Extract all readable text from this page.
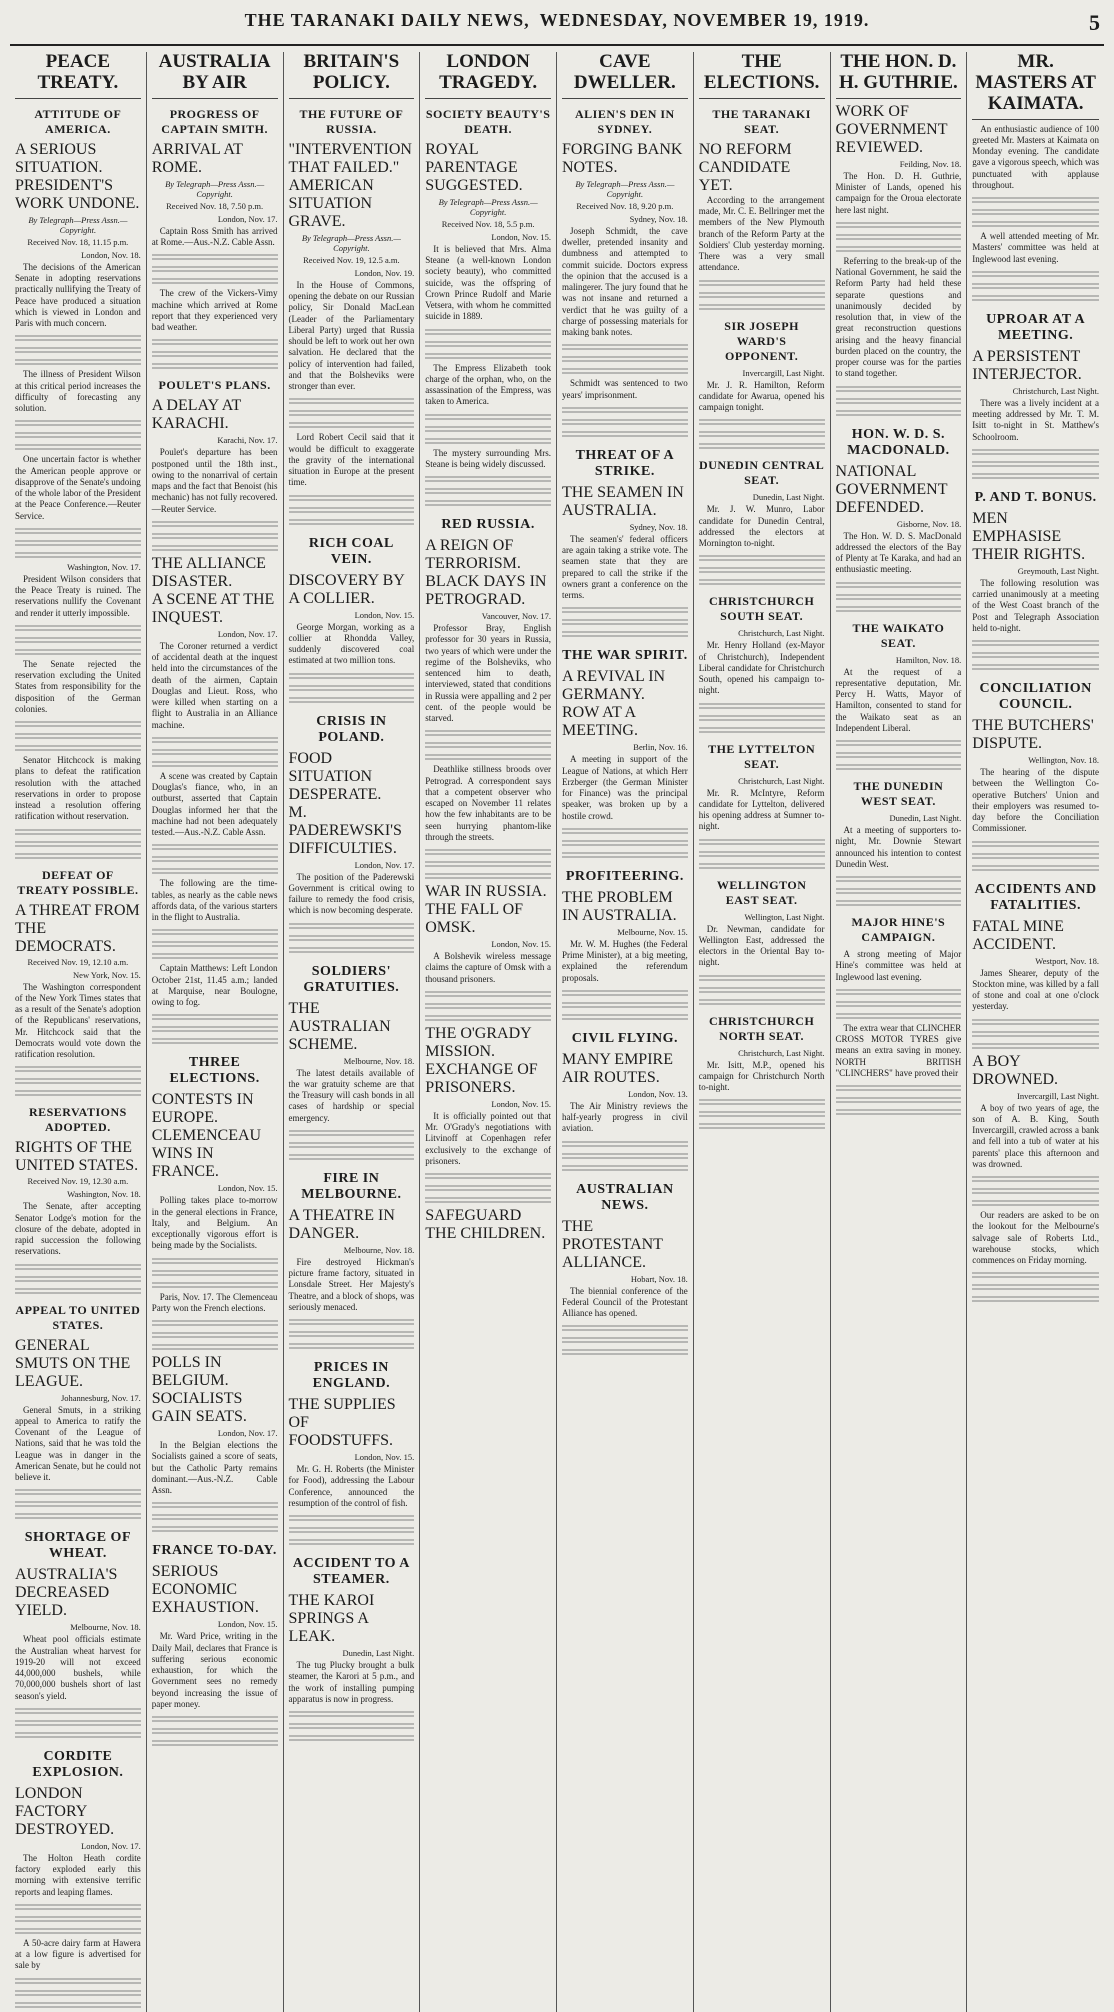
THE TARANAKI DAILY NEWS, WEDNESDAY, NOVEMBER 19, 1919.	5
PEACE TREATY.
ATTITUDE OF AMERICA.
A SERIOUS SITUATION.
PRESIDENT'S WORK UNDONE.
By Telegraph—Press Assn.—Copyright.
Received Nov. 18, 11.15 p.m.
London, Nov. 18.

The decisions of the American Senate in adopting reservations practically nullifying the Treaty of Peace have produced a situation which is viewed in London and Paris with much concern.

The illness of President Wilson at this critical period increases the difficulty of forecasting any solution.

One uncertain factor is whether the American people approve or disapprove of the Senate's undoing of the whole labor of the President at the Peace Conference.—Reuter Service.

Washington, Nov. 17.

President Wilson considers that the Peace Treaty is ruined. The reservations nullify the Covenant and render it utterly impossible.

The Senate rejected the reservation excluding the United States from responsibility for the disposition of the German colonies.

Senator Hitchcock is making plans to defeat the ratification resolution with the attached reservations in order to propose instead a resolution offering ratification without reservation.

DEFEAT OF TREATY POSSIBLE.
A THREAT FROM THE DEMOCRATS.
Received Nov. 19, 12.10 a.m.
New York, Nov. 15.

The Washington correspondent of the New York Times states that as a result of the Senate's adoption of the Republicans' reservations, Mr. Hitchcock said that the Democrats would vote down the ratification resolution.

RESERVATIONS ADOPTED.
RIGHTS OF THE UNITED STATES.
Received Nov. 19, 12.30 a.m.
Washington, Nov. 18.

The Senate, after accepting Senator Lodge's motion for the closure of the debate, adopted in rapid succession the following reservations.

APPEAL TO UNITED STATES.
GENERAL SMUTS ON THE LEAGUE.
Johannesburg, Nov. 17.

General Smuts, in a striking appeal to America to ratify the Covenant of the League of Nations, said that he was told the League was in danger in the American Senate, but he could not believe it.

SHORTAGE OF WHEAT.
AUSTRALIA'S DECREASED YIELD.
Melbourne, Nov. 18.

Wheat pool officials estimate the Australian wheat harvest for 1919-20 will not exceed 44,000,000 bushels, while 70,000,000 bushels short of last season's yield.

CORDITE EXPLOSION.
LONDON FACTORY DESTROYED.
London, Nov. 17.

The Holton Heath cordite factory exploded early this morning with extensive terrific reports and leaping flames.

A 50-acre dairy farm at Hawera at a low figure is advertised for sale by

AUSTRALIA BY AIR
PROGRESS OF CAPTAIN SMITH.
ARRIVAL AT ROME.
By Telegraph—Press Assn.—Copyright.
Received Nov. 18, 7.50 p.m.
London, Nov. 17.

Captain Ross Smith has arrived at Rome.—Aus.-N.Z. Cable Assn.

The crew of the Vickers-Vimy machine which arrived at Rome report that they experienced very bad weather.

POULET'S PLANS.
A DELAY AT KARACHI.
Karachi, Nov. 17.

Poulet's departure has been postponed until the 18th inst., owing to the nonarrival of certain maps and the fact that Benoist (his mechanic) has not fully recovered.—Reuter Service.

THE ALLIANCE DISASTER.
A SCENE AT THE INQUEST.
London, Nov. 17.

The Coroner returned a verdict of accidental death at the inquest held into the circumstances of the death of the airmen, Captain Douglas and Lieut. Ross, who were killed when starting on a flight to Australia in an Alliance machine.

A scene was created by Captain Douglas's fiance, who, in an outburst, asserted that Captain Douglas informed her that the machine had not been adequately tested.—Aus.-N.Z. Cable Assn.

The following are the time-tables, as nearly as the cable news affords data, of the various starters in the flight to Australia.

Captain Matthews: Left London October 21st, 11.45 a.m.; landed at Marquise, near Boulogne, owing to fog.

THREE ELECTIONS.
CONTESTS IN EUROPE.
CLEMENCEAU WINS IN FRANCE.
London, Nov. 15.

Polling takes place to-morrow in the general elections in France, Italy, and Belgium. An exceptionally vigorous effort is being made by the Socialists.

Paris, Nov. 17. The Clemenceau Party won the French elections.

POLLS IN BELGIUM.
SOCIALISTS GAIN SEATS.
London, Nov. 17.

In the Belgian elections the Socialists gained a score of seats, but the Catholic Party remains dominant.—Aus.-N.Z. Cable Assn.

FRANCE TO-DAY.
SERIOUS ECONOMIC EXHAUSTION.
London, Nov. 15.

Mr. Ward Price, writing in the Daily Mail, declares that France is suffering serious economic exhaustion, for which the Government sees no remedy beyond increasing the issue of paper money.

BRITAIN'S POLICY.
THE FUTURE OF RUSSIA.
"INTERVENTION THAT FAILED."
AMERICAN SITUATION GRAVE.
By Telegraph—Press Assn.—Copyright.
Received Nov. 19, 12.5 a.m.
London, Nov. 19.

In the House of Commons, opening the debate on our Russian policy, Sir Donald MacLean (Leader of the Parliamentary Liberal Party) urged that Russia should be left to work out her own salvation. He declared that the policy of intervention had failed, and that the Bolsheviks were stronger than ever.

Lord Robert Cecil said that it would be difficult to exaggerate the gravity of the international situation in Europe at the present time.

RICH COAL VEIN.
DISCOVERY BY A COLLIER.
London, Nov. 15.

George Morgan, working as a collier at Rhondda Valley, suddenly discovered coal estimated at two million tons.

CRISIS IN POLAND.
FOOD SITUATION DESPERATE.
M. PADEREWSKI'S DIFFICULTIES.
London, Nov. 17.

The position of the Paderewski Government is critical owing to failure to remedy the food crisis, which is now becoming desperate.

SOLDIERS' GRATUITIES.
THE AUSTRALIAN SCHEME.
Melbourne, Nov. 18.

The latest details available of the war gratuity scheme are that the Treasury will cash bonds in all cases of hardship or special emergency.

FIRE IN MELBOURNE.
A THEATRE IN DANGER.
Melbourne, Nov. 18.

Fire destroyed Hickman's picture frame factory, situated in Lonsdale Street. Her Majesty's Theatre, and a block of shops, was seriously menaced.

PRICES IN ENGLAND.
THE SUPPLIES OF FOODSTUFFS.
London, Nov. 15.

Mr. G. H. Roberts (the Minister for Food), addressing the Labour Conference, announced the resumption of the control of fish.

ACCIDENT TO A STEAMER.
THE KAROI SPRINGS A LEAK.
Dunedin, Last Night.

The tug Plucky brought a bulk steamer, the Karori at 5 p.m., and the work of installing pumping apparatus is now in progress.

LONDON TRAGEDY.
SOCIETY BEAUTY'S DEATH.
ROYAL PARENTAGE SUGGESTED.
By Telegraph—Press Assn.—Copyright.
Received Nov. 18, 5.5 p.m.
London, Nov. 15.

It is believed that Mrs. Alma Steane (a well-known London society beauty), who committed suicide, was the offspring of Crown Prince Rudolf and Marie Vetsera, with whom he committed suicide in 1889.

The Empress Elizabeth took charge of the orphan, who, on the assassination of the Empress, was taken to America.

The mystery surrounding Mrs. Steane is being widely discussed.

RED RUSSIA.
A REIGN OF TERRORISM.
BLACK DAYS IN PETROGRAD.
Vancouver, Nov. 17.

Professor Bray, English professor for 30 years in Russia, two years of which were under the regime of the Bolsheviks, who sentenced him to death, interviewed, stated that conditions in Russia were appalling and 2 per cent. of the people would be starved.

Deathlike stillness broods over Petrograd. A correspondent says that a competent observer who escaped on November 11 relates how the few inhabitants are to be seen hurrying phantom-like through the streets.

WAR IN RUSSIA.
THE FALL OF OMSK.
London, Nov. 15.

A Bolshevik wireless message claims the capture of Omsk with a thousand prisoners.

THE O'GRADY MISSION.
EXCHANGE OF PRISONERS.
London, Nov. 15.

It is officially pointed out that Mr. O'Grady's negotiations with Litvinoff at Copenhagen refer exclusively to the exchange of prisoners.

SAFEGUARD THE CHILDREN.
CAVE DWELLER.
ALIEN'S DEN IN SYDNEY.
FORGING BANK NOTES.
By Telegraph—Press Assn.—Copyright.
Received Nov. 18, 9.20 p.m.
Sydney, Nov. 18.

Joseph Schmidt, the cave dweller, pretended insanity and dumbness and attempted to commit suicide. Doctors express the opinion that the accused is a malingerer. The jury found that he was not insane and returned a verdict that he was guilty of a charge of possessing materials for making bank notes.

Schmidt was sentenced to two years' imprisonment.

THREAT OF A STRIKE.
THE SEAMEN IN AUSTRALIA.
Sydney, Nov. 18.

The seamen's' federal officers are again taking a strike vote. The seamen state that they are prepared to call the strike if the owners grant a conference on the terms.

THE WAR SPIRIT.
A REVIVAL IN GERMANY.
ROW AT A MEETING.
Berlin, Nov. 16.

A meeting in support of the League of Nations, at which Herr Erzberger (the German Minister for Finance) was the principal speaker, was broken up by a hostile crowd.

PROFITEERING.
THE PROBLEM IN AUSTRALIA.
Melbourne, Nov. 15.

Mr. W. M. Hughes (the Federal Prime Minister), at a big meeting, explained the referendum proposals.

CIVIL FLYING.
MANY EMPIRE AIR ROUTES.
London, Nov. 13.

The Air Ministry reviews the half-yearly progress in civil aviation.

AUSTRALIAN NEWS.
THE PROTESTANT ALLIANCE.
Hobart, Nov. 18.

The biennial conference of the Federal Council of the Protestant Alliance has opened.

THE ELECTIONS.
THE TARANAKI SEAT.
NO REFORM CANDIDATE YET.

According to the arrangement made, Mr. C. E. Bellringer met the members of the New Plymouth branch of the Reform Party at the Soldiers' Club yesterday morning. There was a very small attendance.

SIR JOSEPH WARD'S OPPONENT.
Invercargill, Last Night.

Mr. J. R. Hamilton, Reform candidate for Awarua, opened his campaign tonight.

DUNEDIN CENTRAL SEAT.
Dunedin, Last Night.

Mr. J. W. Munro, Labor candidate for Dunedin Central, addressed the electors at Mornington to-night.

CHRISTCHURCH SOUTH SEAT.
Christchurch, Last Night.

Mr. Henry Holland (ex-Mayor of Christchurch), Independent Liberal candidate for Christchurch South, opened his campaign to-night.

THE LYTTELTON SEAT.
Christchurch, Last Night.

Mr. R. McIntyre, Reform candidate for Lyttelton, delivered his opening address at Sumner to-night.

WELLINGTON EAST SEAT.
Wellington, Last Night.

Dr. Newman, candidate for Wellington East, addressed the electors in the Oriental Bay to-night.

CHRISTCHURCH NORTH SEAT.
Christchurch, Last Night.

Mr. Isitt, M.P., opened his campaign for Christchurch North to-night.

THE HON. D. H. GUTHRIE.
WORK OF GOVERNMENT REVIEWED.
Feilding, Nov. 18.

The Hon. D. H. Guthrie, Minister of Lands, opened his campaign for the Oroua electorate here last night.

Referring to the break-up of the National Government, he said the Reform Party had held these separate questions and unanimously decided by resolution that, in view of the great reconstruction questions arising and the heavy financial burden placed on the country, the proper course was for the parties to stand together.

HON. W. D. S. MACDONALD.
NATIONAL GOVERNMENT DEFENDED.
Gisborne, Nov. 18.

The Hon. W. D. S. MacDonald addressed the electors of the Bay of Plenty at Te Karaka, and had an enthusiastic meeting.

THE WAIKATO SEAT.
Hamilton, Nov. 18.

At the request of a representative deputation, Mr. Percy H. Watts, Mayor of Hamilton, consented to stand for the Waikato seat as an Independent Liberal.

THE DUNEDIN WEST SEAT.
Dunedin, Last Night.

At a meeting of supporters to-night, Mr. Downie Stewart announced his intention to contest Dunedin West.

MAJOR HINE'S CAMPAIGN.

A strong meeting of Major Hine's committee was held at Inglewood last evening.

The extra wear that CLINCHER CROSS MOTOR TYRES give means an extra saving in money. NORTH BRITISH "CLINCHERS" have proved their

MR. MASTERS AT KAIMATA.

An enthusiastic audience of 100 greeted Mr. Masters at Kaimata on Monday evening. The candidate gave a vigorous speech, which was punctuated with applause throughout.

A well attended meeting of Mr. Masters' committee was held at Inglewood last evening.

UPROAR AT A MEETING.
A PERSISTENT INTERJECTOR.
Christchurch, Last Night.

There was a lively incident at a meeting addressed by Mr. T. M. Isitt to-night in St. Matthew's Schoolroom.

P. AND T. BONUS.
MEN EMPHASISE THEIR RIGHTS.
Greymouth, Last Night.

The following resolution was carried unanimously at a meeting of the West Coast branch of the Post and Telegraph Association held to-night.

CONCILIATION COUNCIL.
THE BUTCHERS' DISPUTE.
Wellington, Nov. 18.

The hearing of the dispute between the Wellington Co-operative Butchers' Union and their employers was resumed to-day before the Conciliation Commissioner.

ACCIDENTS AND FATALITIES.
FATAL MINE ACCIDENT.
Westport, Nov. 18.

James Shearer, deputy of the Stockton mine, was killed by a fall of stone and coal at one o'clock yesterday.

A BOY DROWNED.
Invercargill, Last Night.

A boy of two years of age, the son of A. B. King, South Invercargill, crawled across a bank and fell into a tub of water at his parents' place this afternoon and was drowned.

Our readers are asked to be on the lookout for the Melbourne's salvage sale of Roberts Ltd., warehouse stocks, which commences on Friday morning.
